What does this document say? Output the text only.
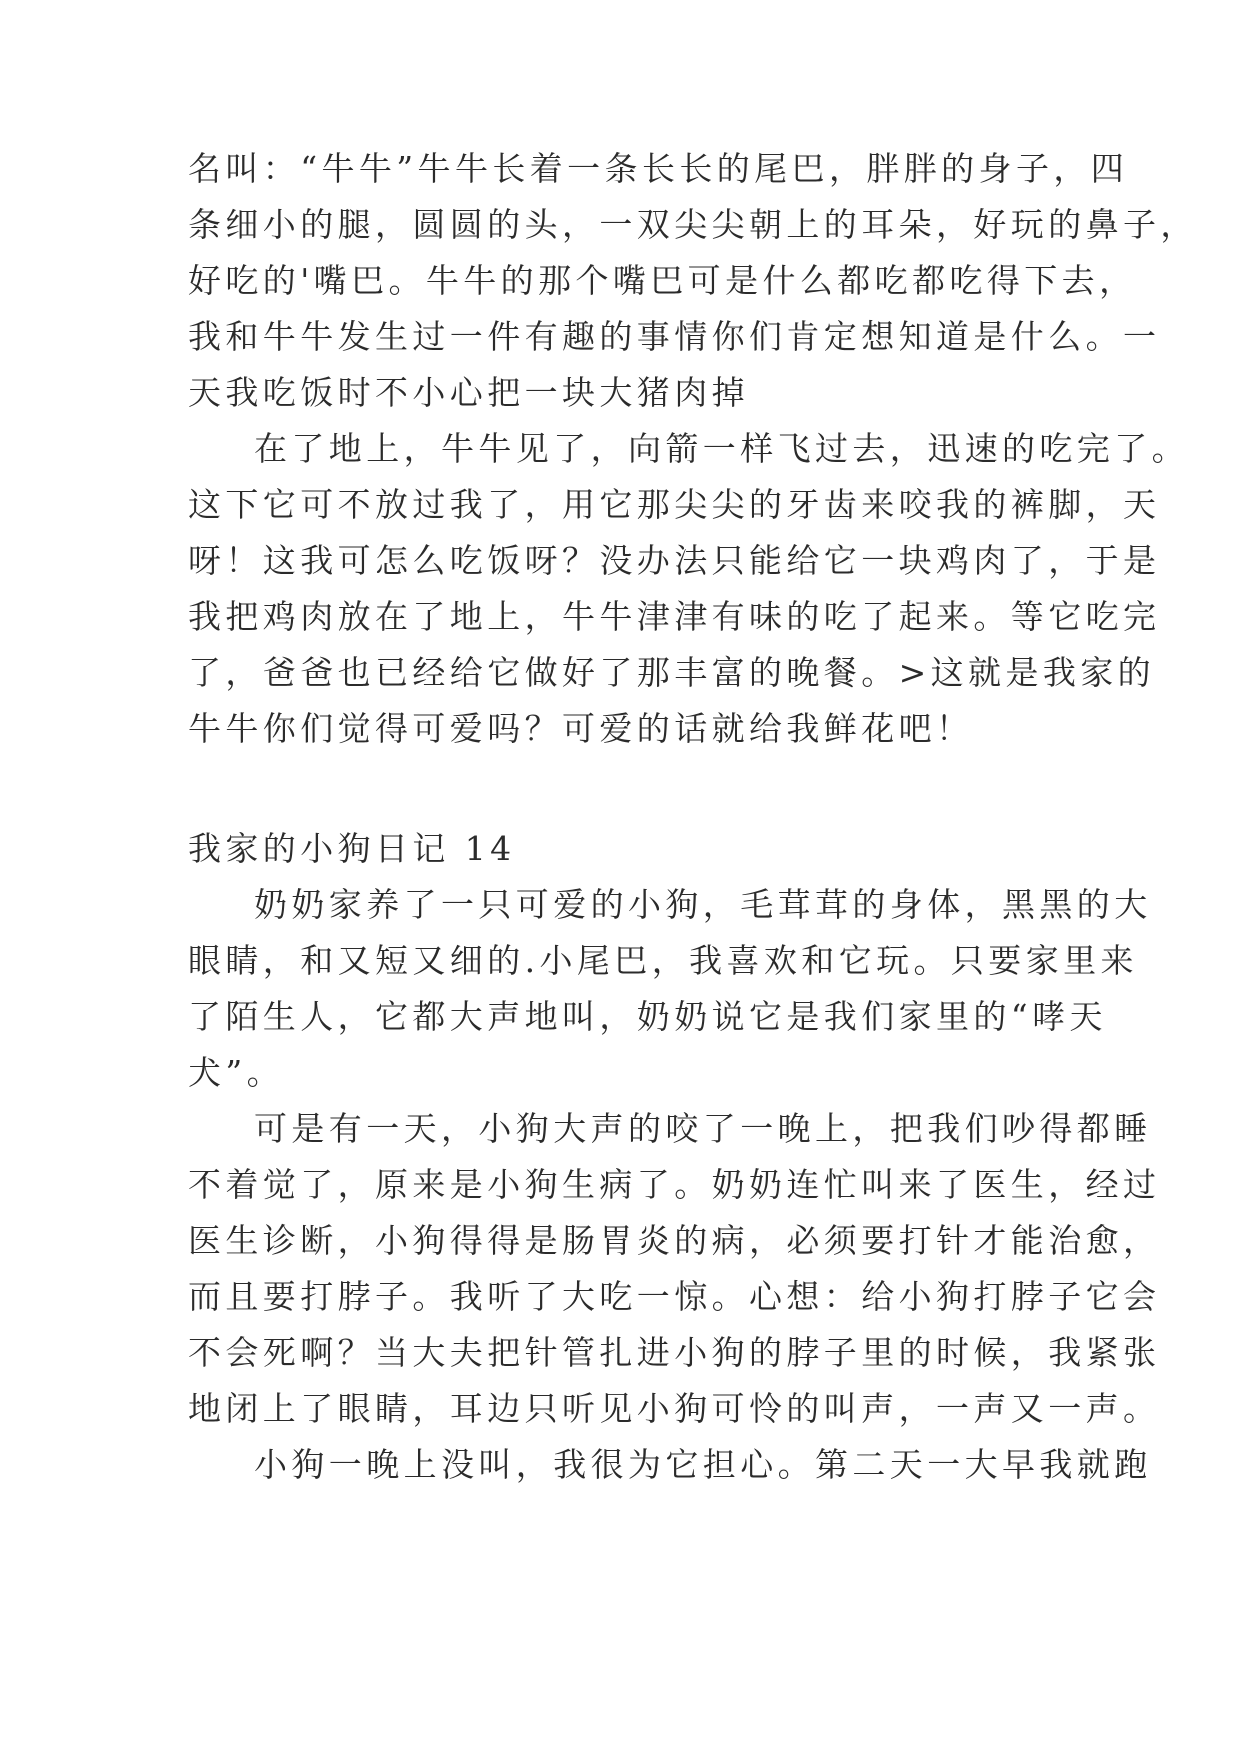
名叫：“牛牛”牛牛长着一条长长的尾巴，胖胖的身子，四

条细小的腿，圆圆的头，一双尖尖朝上的耳朵，好玩的鼻子，

好吃的'嘴巴。牛牛的那个嘴巴可是什么都吃都吃得下去，

我和牛牛发生过一件有趣的事情你们肯定想知道是什么。一

天我吃饭时不小心把一块大猪肉掉

在了地上，牛牛见了，向箭一样飞过去，迅速的吃完了。

这下它可不放过我了，用它那尖尖的牙齿来咬我的裤脚，天

呀！这我可怎么吃饭呀？没办法只能给它一块鸡肉了，于是

我把鸡肉放在了地上，牛牛津津有味的吃了起来。等它吃完

了，爸爸也已经给它做好了那丰富的晚餐。>这就是我家的

牛牛你们觉得可爱吗？可爱的话就给我鲜花吧！

我家的小狗日记 14

奶奶家养了一只可爱的小狗，毛茸茸的身体，黑黑的大

眼睛，和又短又细的.小尾巴，我喜欢和它玩。只要家里来

了陌生人，它都大声地叫，奶奶说它是我们家里的“哮天

犬”。

可是有一天，小狗大声的咬了一晚上，把我们吵得都睡

不着觉了，原来是小狗生病了。奶奶连忙叫来了医生，经过

医生诊断，小狗得得是肠胃炎的病，必须要打针才能治愈，

而且要打脖子。我听了大吃一惊。心想：给小狗打脖子它会

不会死啊？当大夫把针管扎进小狗的脖子里的时候，我紧张

地闭上了眼睛，耳边只听见小狗可怜的叫声，一声又一声。

小狗一晚上没叫，我很为它担心。第二天一大早我就跑
